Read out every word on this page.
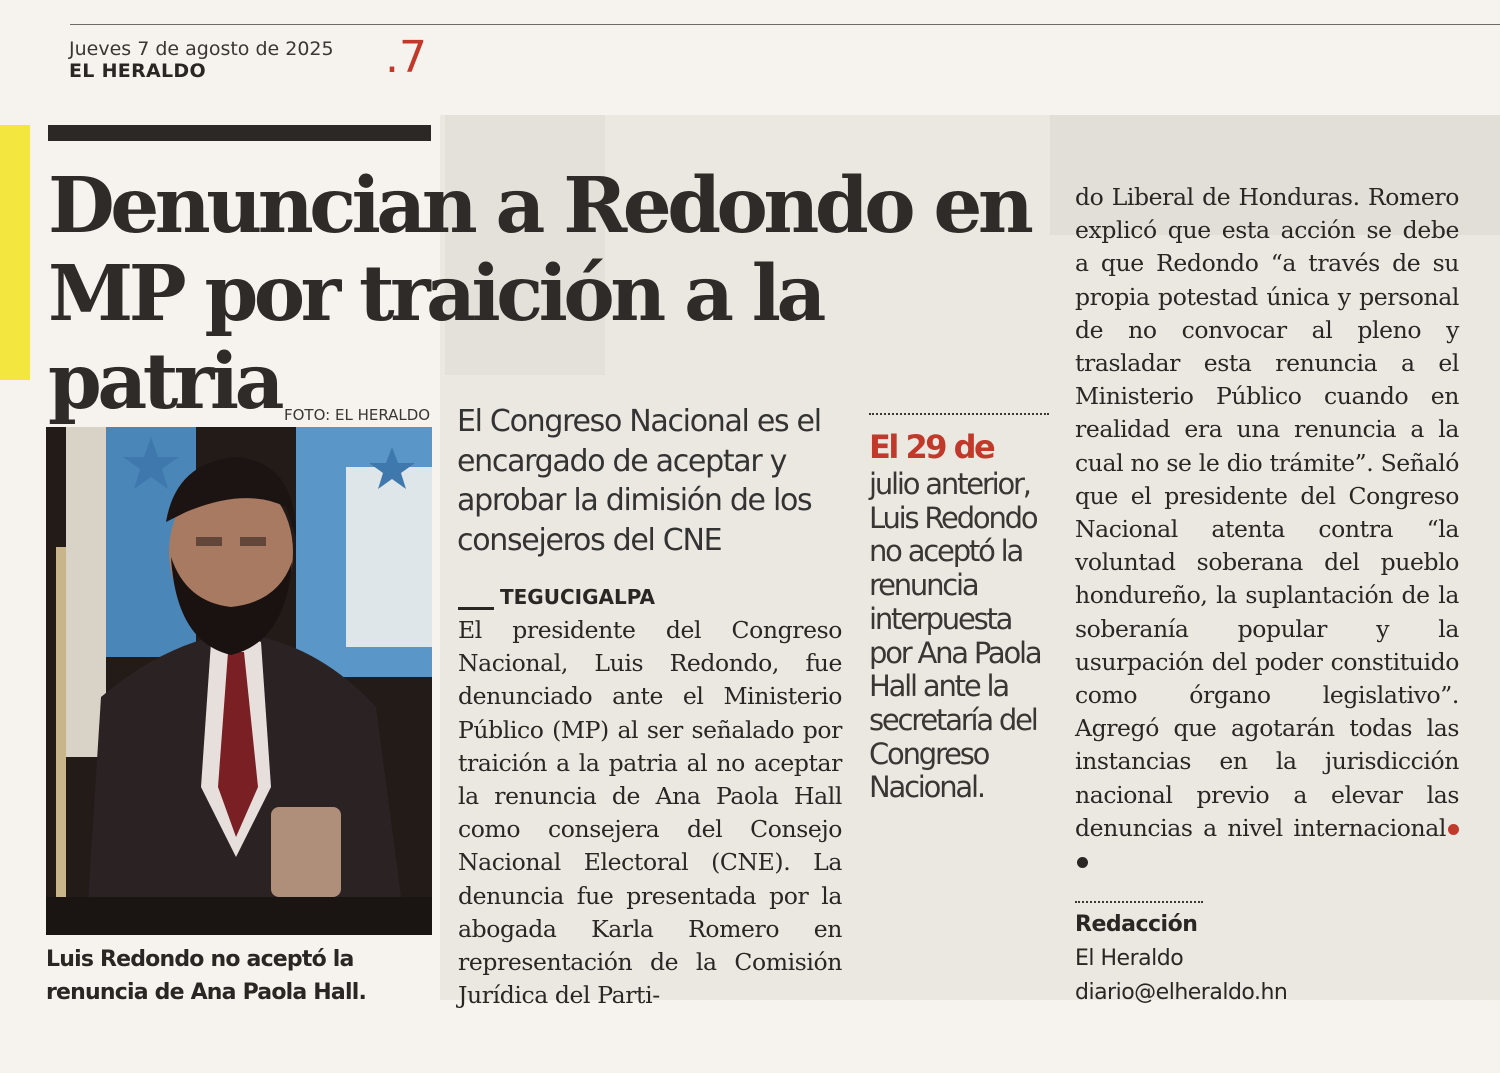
Jueves 7 de agosto de 2025
EL HERALDO	.7
Denuncian a Redondo en MP por traición a la patria FOTO: EL HERALDO

Luis Redondo no aceptó la renuncia de Ana Paola Hall.

El Congreso Nacional es el encargado de aceptar y aprobar la dimisión de los consejeros del CNE

TEGUCIGALPA

El presidente del Congreso Nacional, Luis Redondo, fue denunciado ante el Ministerio Público (MP) al ser señalado por traición a la patria al no aceptar la renuncia de Ana Paola Hall como consejera del Consejo Nacional Electoral (CNE). La denuncia fue presentada por la abogada Karla Romero en representación de la Comisión Jurídica del Parti-

El 29 de

julio anterior, Luis Redondo no aceptó la renuncia interpuesta por Ana Paola Hall ante la secretaría del Congreso Nacional.

do Liberal de Honduras. Romero explicó que esta acción se debe a que Redondo “a través de su propia potestad única y personal de no convocar al pleno y trasladar esta renuncia a el Ministerio Público cuando en realidad era una renuncia a la cual no se le dio trámite”. Señaló que el presidente del Congreso Nacional atenta contra “la voluntad soberana del pueblo hondureño, la suplantación de la soberanía popular y la usurpación del poder constituido como órgano legislativo”. Agregó que agotarán todas las instancias en la jurisdicción nacional previo a elevar las denuncias a nivel internacional
Redacción
El Heraldo
diario@elheraldo.hn
